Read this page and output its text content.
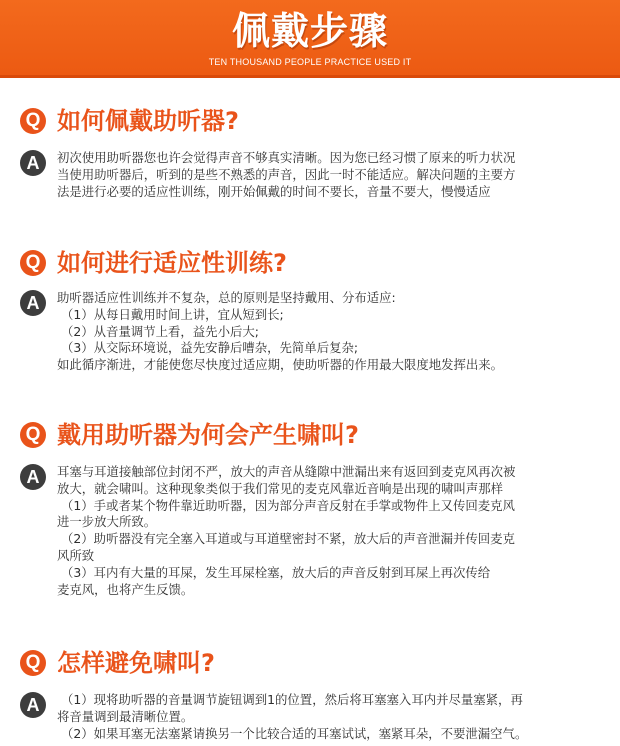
佩戴步骤
TEN THOUSAND PEOPLE PRACTICE USED IT
Q 如何佩戴助听器?
A	初次使用助听器您也许会觉得声音不够真实清晰。因为您已经习惯了原来的听力状况
当使用助听器后，听到的是些不熟悉的声音，因此一时不能适应。解决问题的主要方
法是进行必要的适应性训练，刚开始佩戴的时间不要长，音量不要大，慢慢适应
Q 如何进行适应性训练?
A	助听器适应性训练并不复杂，总的原则是坚持戴用、分布适应:
（1）从每日戴用时间上讲，宜从短到长;
（2）从音量调节上看，益先小后大;
（3）从交际环境说，益先安静后嘈杂，先简单后复杂;
如此循序渐进，才能使您尽快度过适应期，使助听器的作用最大限度地发挥出来。
Q 戴用助听器为何会产生啸叫?
A	耳塞与耳道接触部位封闭不严，放大的声音从缝隙中泄漏出来有返回到麦克风再次被
放大，就会啸叫。这种现象类似于我们常见的麦克风靠近音响是出现的啸叫声那样
（1）手或者某个物件靠近助听器，因为部分声音反射在手掌或物件上又传回麦克风
进一步放大所致。
（2）助听器没有完全塞入耳道或与耳道壁密封不紧，放大后的声音泄漏并传回麦克
风所致
（3）耳内有大量的耳屎，发生耳屎栓塞，放大后的声音反射到耳屎上再次传给
麦克风，也将产生反馈。
Q 怎样避免啸叫?
A	（1）现将助听器的音量调节旋钮调到1的位置，然后将耳塞塞入耳内并尽量塞紧，再
将音量调到最清晰位置。
（2）如果耳塞无法塞紧请换另一个比较合适的耳塞试试，塞紧耳朵，不要泄漏空气。
